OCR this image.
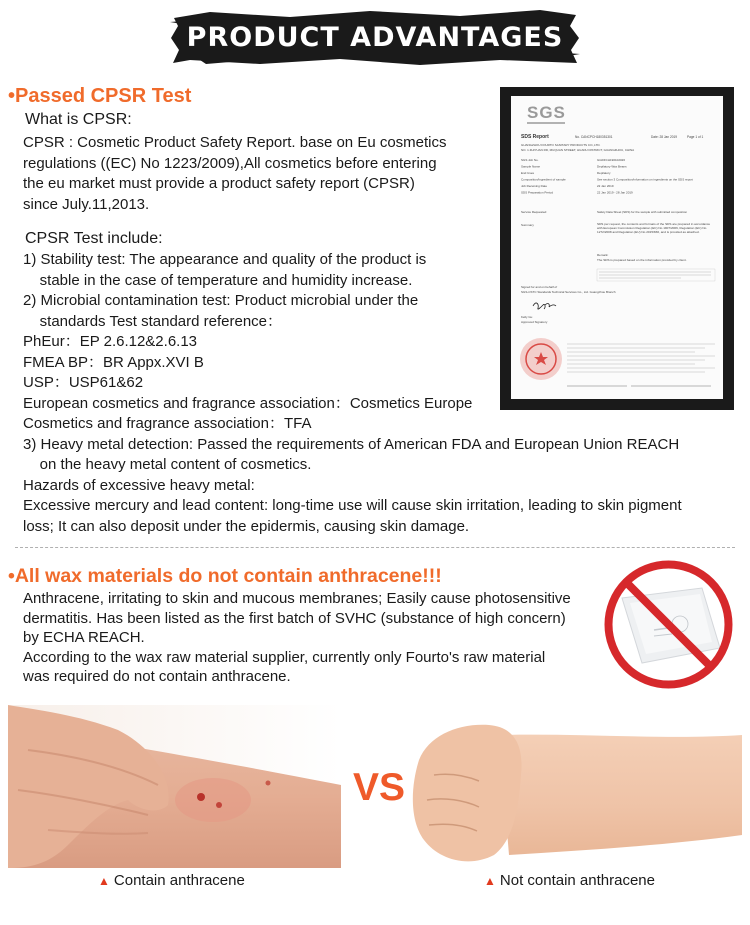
PRODUCT ADVANTAGES
•Passed CPSR Test
What is CPSR:
CPSR : Cosmetic Product Safety Report. base on Eu cosmetics
regulations ((EC) No 1223/2009),All cosmetics before entering
the eu market must provide a product safety report (CPSR)
since July.11,2013.
CPSR Test include:
1) Stability test: The appearance and quality of the product is
stable in the case of temperature and humidity increase.
2) Microbial contamination test: Product microbial under the
standards Test standard reference：
PhEur：EP 2.6.12&2.6.13
FMEA BP：BR Appx.XVI B
USP：USP61&62
European cosmetics and fragrance association：Cosmetics Europe
Cosmetics and fragrance association：TFA
3) Heavy metal detection: Passed the requirements of American FDA and European Union REACH
on the heavy metal content of cosmetics.
Hazards of excessive heavy metal:
Excessive mercury and lead content: long-time use will cause skin irritation, leading to skin pigment
loss; It can also deposit under the epidermis, causing skin damage.
SGS
SDS Report	No. CANCPCH180351301	Date: 28 Jan 2019	Page 1 of 1
GUANGZHOU FOURTO SANITARY PRODUCTS CO.,LTD.
NO. 1 ZHIYUAN RD, MUQUAN STREET, HUADU DISTRICT, GUANGZHOU, CHINA
SGS Job No.	GGDFCH190102026
Sample Name	Depilatory Wax Beans
End Uses	Depilatory
Composition/Ingredient of sample	See section 3 Composition/information on ingredients on the SDS report
Job Receiving Date	22 Jan 2019
SDS Preparation Period	22 Jan 2019 - 28 Jan 2019
Service Requested	Safety Data Sheet (SDS) for the sample with submitted composition
Summary	SDS per request, the contents and formats of the SDS are prepared in accordance with European Commission Regulation (EC) No 1907/2006, Regulation (EC) No 1272/2008 and Regulation (EU) No 2015/830, and is provided as attached.
Remark:
The SDS is prepared based on the information provided by client.
Signed for and on behalf of
SGS-CSTC Standards Technical Services Co., Ltd. Guangzhou Branch
Kelly Gu
Approved Signatory
•All wax materials do not contain anthracene!!!
Anthracene, irritating to skin and mucous membranes; Easily cause photosensitive
dermatitis. Has been listed as the first batch of SVHC (substance of high concern)
by ECHA REACH.
According to the wax raw material supplier, currently only Fourto's raw material
was required do not contain anthracene.
VS
▲ Contain anthracene	▲ Not contain anthracene
